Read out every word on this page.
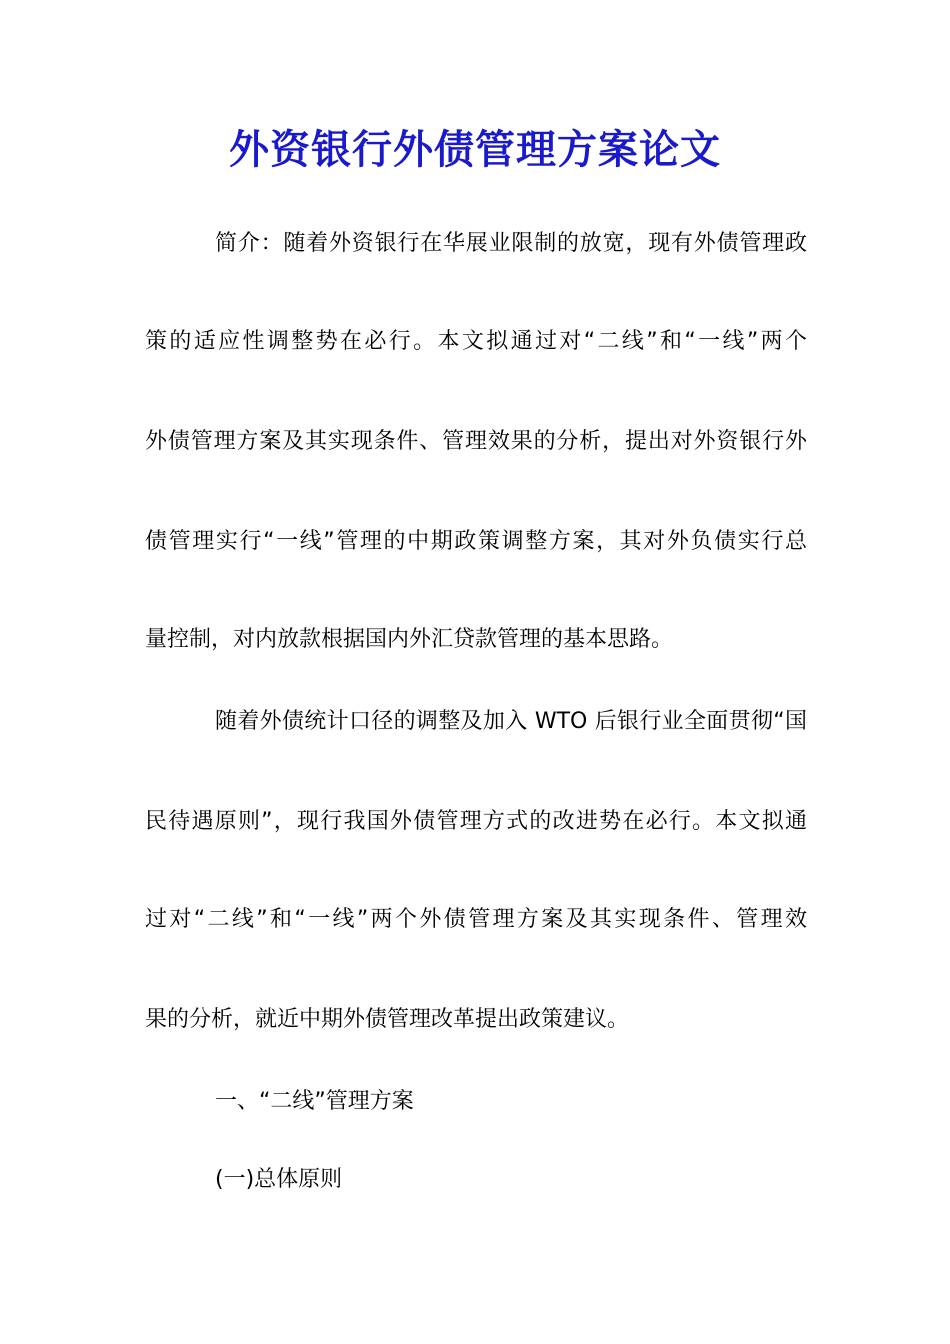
外资银行外债管理方案论文
简介：随着外资银行在华展业限制的放宽，现有外债管理政
策的适应性调整势在必行。本文拟通过对“二线”和“一线”两个
外债管理方案及其实现条件、管理效果的分析，提出对外资银行外
债管理实行“一线”管理的中期政策调整方案，其对外负债实行总
量控制，对内放款根据国内外汇贷款管理的基本思路。
随着外债统计口径的调整及加入 WTO 后银行业全面贯彻“国
民待遇原则”，现行我国外债管理方式的改进势在必行。本文拟通
过对“二线”和“一线”两个外债管理方案及其实现条件、管理效
果的分析，就近中期外债管理改革提出政策建议。
一、“二线”管理方案
(一)总体原则
